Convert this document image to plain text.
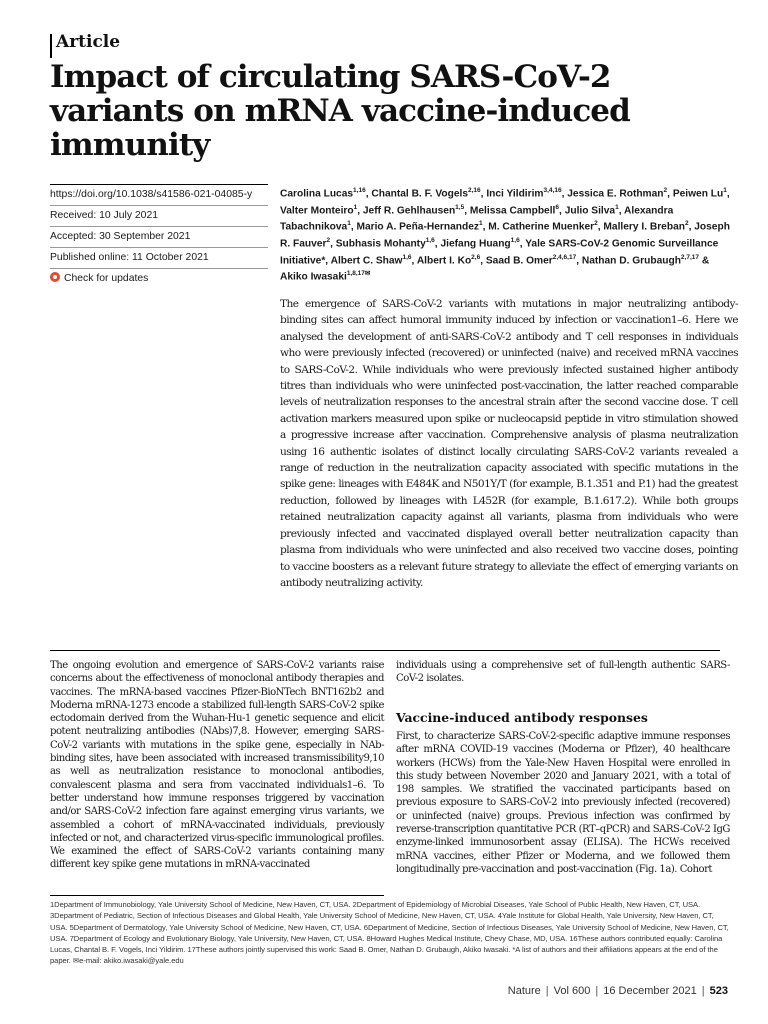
Article
Impact of circulating SARS-CoV-2 variants on mRNA vaccine-induced immunity
https://doi.org/10.1038/s41586-021-04085-y
Received: 10 July 2021
Accepted: 30 September 2021
Published online: 11 October 2021
Check for updates
Carolina Lucas$^{1,16}$, Chantal B. F. Vogels$^{2,16}$, Inci Yildirim$^{3,4,16}$, Jessica E. Rothman$^2$, Peiwen Lu$^1$, Valter Monteiro$^1$, Jeff R. Gehlhausen$^{1,5}$, Melissa Campbell$^6$, Julio Silva$^1$, Alexandra Tabachnikova$^1$, Mario A. Peña-Hernandez$^1$, M. Catherine Muenker$^2$, Mallery I. Breban$^2$, Joseph R. Fauver$^2$, Subhasis Mohanty$^{1,6}$, Jiefang Huang$^{1,6}$, Yale SARS-CoV-2 Genomic Surveillance Initiative*, Albert C. Shaw$^{1,6}$, Albert I. Ko$^{2,6}$, Saad B. Omer$^{2,4,6,17}$, Nathan D. Grubaugh$^{2,7,17}$ & Akiko Iwasaki$^{1,8,17✉}$

The emergence of SARS-CoV-2 variants with mutations in major neutralizing antibody-binding sites can affect humoral immunity induced by infection or vaccination1–6. Here we analysed the development of anti-SARS-CoV-2 antibody and T cell responses in individuals who were previously infected (recovered) or uninfected (naive) and received mRNA vaccines to SARS-CoV-2. While individuals who were previously infected sustained higher antibody titres than individuals who were uninfected post-vaccination, the latter reached comparable levels of neutralization responses to the ancestral strain after the second vaccine dose. T cell activation markers measured upon spike or nucleocapsid peptide in vitro stimulation showed a progressive increase after vaccination. Comprehensive analysis of plasma neutralization using 16 authentic isolates of distinct locally circulating SARS-CoV-2 variants revealed a range of reduction in the neutralization capacity associated with specific mutations in the spike gene: lineages with E484K and N501Y/T (for example, B.1.351 and P.1) had the greatest reduction, followed by lineages with L452R (for example, B.1.617.2). While both groups retained neutralization capacity against all variants, plasma from individuals who were previously infected and vaccinated displayed overall better neutralization capacity than plasma from individuals who were uninfected and also received two vaccine doses, pointing to vaccine boosters as a relevant future strategy to alleviate the effect of emerging variants on antibody neutralizing activity.

The ongoing evolution and emergence of SARS-CoV-2 variants raise concerns about the effectiveness of monoclonal antibody therapies and vaccines. The mRNA-based vaccines Pfizer-BioNTech BNT162b2 and Moderna mRNA-1273 encode a stabilized full-length SARS-CoV-2 spike ectodomain derived from the Wuhan-Hu-1 genetic sequence and elicit potent neutralizing antibodies (NAbs)7,8. However, emerging SARS-CoV-2 variants with mutations in the spike gene, especially in NAb-binding sites, have been associated with increased transmissibility9,10 as well as neutralization resistance to monoclonal antibodies, convalescent plasma and sera from vaccinated individuals1–6. To better understand how immune responses triggered by vaccination and/or SARS-CoV-2 infection fare against emerging virus variants, we assembled a cohort of mRNA-vaccinated individuals, previously infected or not, and characterized virus-specific immunological profiles. We examined the effect of SARS-CoV-2 variants containing many different key spike gene mutations in mRNA-vaccinated

individuals using a comprehensive set of full-length authentic SARS-CoV-2 isolates.

Vaccine-induced antibody responses

First, to characterize SARS-CoV-2-specific adaptive immune responses after mRNA COVID-19 vaccines (Moderna or Pfizer), 40 healthcare workers (HCWs) from the Yale-New Haven Hospital were enrolled in this study between November 2020 and January 2021, with a total of 198 samples. We stratified the vaccinated participants based on previous exposure to SARS-CoV-2 into previously infected (recovered) or uninfected (naive) groups. Previous infection was confirmed by reverse-transcription quantitative PCR (RT–qPCR) and SARS-CoV-2 IgG enzyme-linked immunosorbent assay (ELISA). The HCWs received mRNA vaccines, either Pfizer or Moderna, and we followed them longitudinally pre-vaccination and post-vaccination (Fig. 1a). Cohort

1Department of Immunobiology, Yale University School of Medicine, New Haven, CT, USA. 2Department of Epidemiology of Microbial Diseases, Yale School of Public Health, New Haven, CT, USA. 3Department of Pediatric, Section of Infectious Diseases and Global Health, Yale University School of Medicine, New Haven, CT, USA. 4Yale Institute for Global Health, Yale University, New Haven, CT, USA. 5Department of Dermatology, Yale University School of Medicine, New Haven, CT, USA. 6Department of Medicine, Section of Infectious Diseases, Yale University School of Medicine, New Haven, CT, USA. 7Department of Ecology and Evolutionary Biology, Yale University, New Haven, CT, USA. 8Howard Hughes Medical Institute, Chevy Chase, MD, USA. 16These authors contributed equally: Carolina Lucas, Chantal B. F. Vogels, Inci Yildirim. 17These authors jointly supervised this work: Saad B. Omer, Nathan D. Grubaugh, Akiko Iwasaki. *A list of authors and their affiliations appears at the end of the paper. ✉e-mail: akiko.iwasaki@yale.edu

Nature | Vol 600 | 16 December 2021 | 523
